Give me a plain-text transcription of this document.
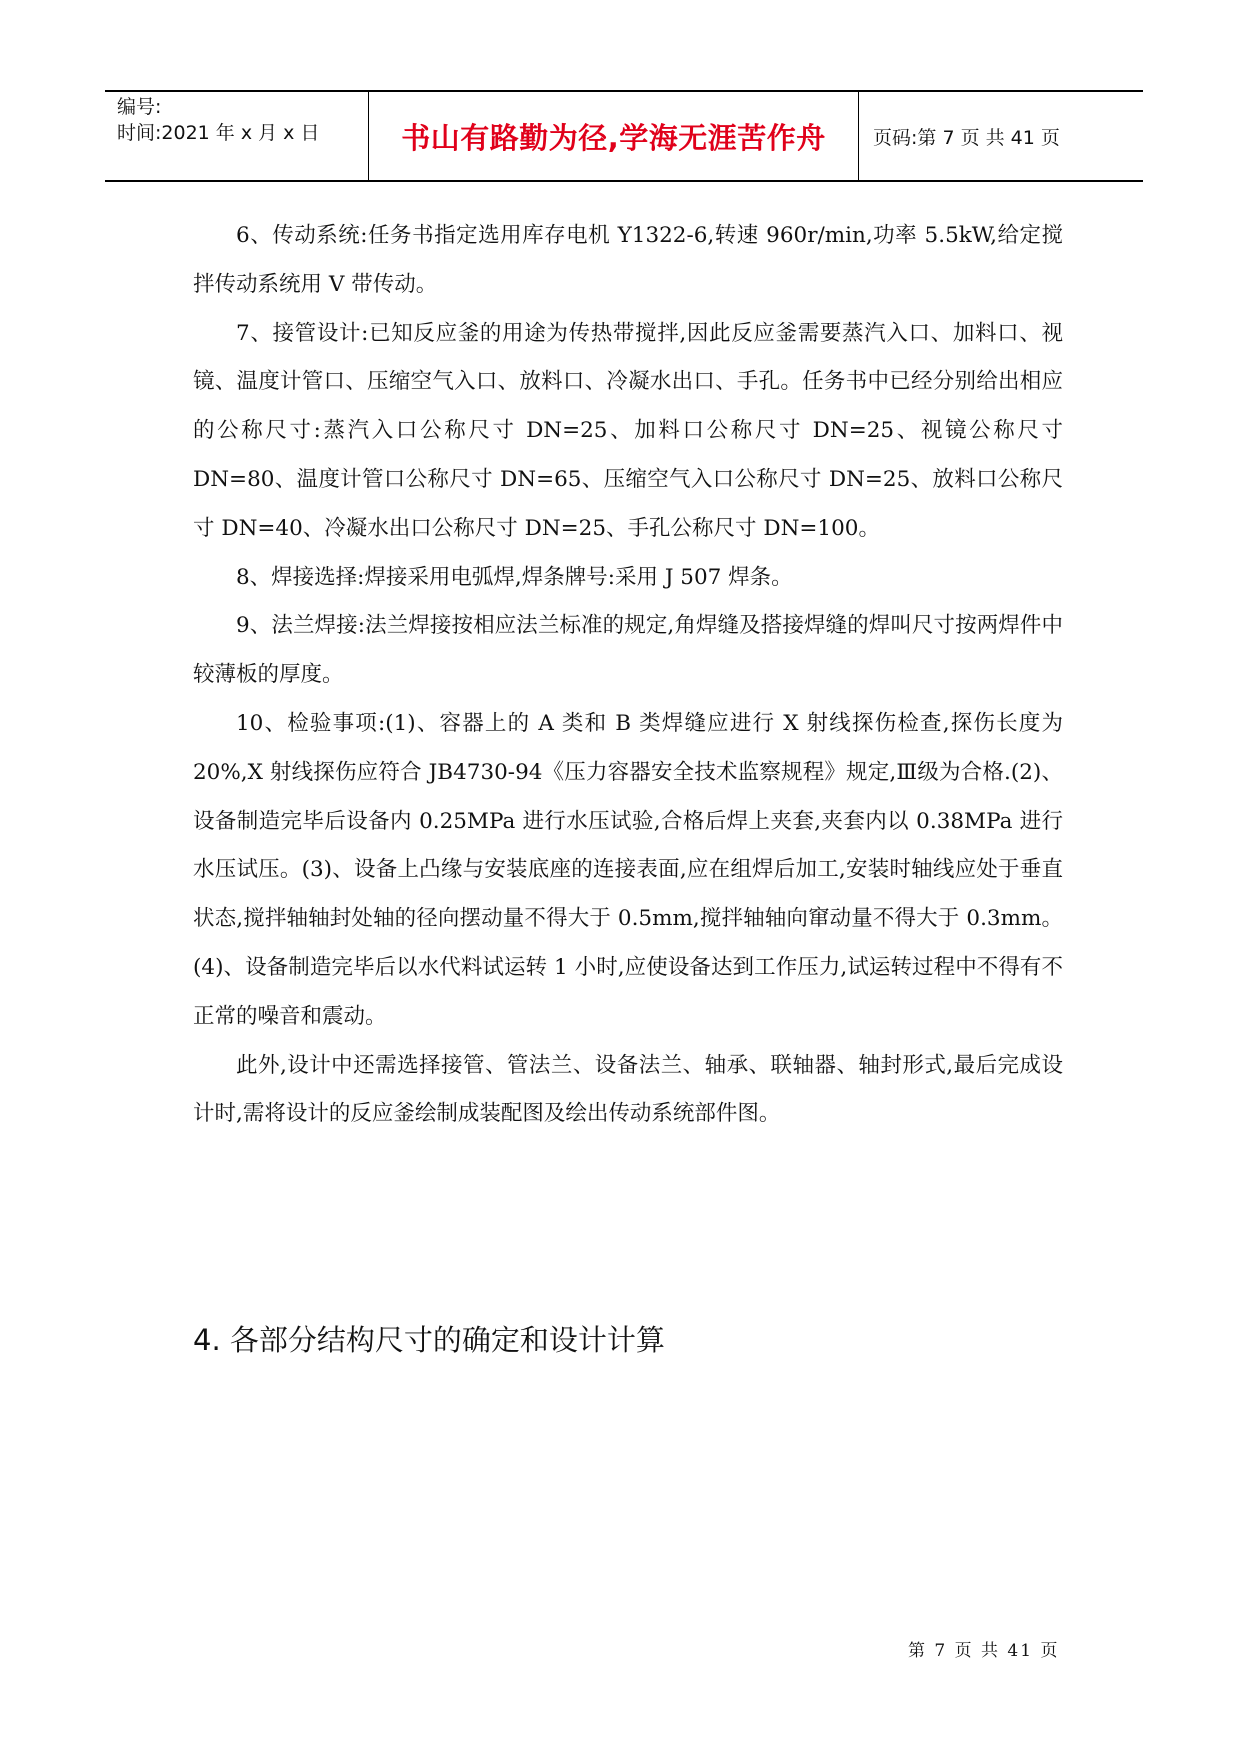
编号:
时间:2021 年 x 月 x 日	书山有路勤为径,学海无涯苦作舟	页码:第 7 页 共 41 页

6、传动系统:任务书指定选用库存电机 Y1322-6,转速 960r/min,功率 5.5kW,给定搅拌传动系统用 V 带传动。

7、接管设计:已知反应釜的用途为传热带搅拌,因此反应釜需要蒸汽入口、加料口、视镜、温度计管口、压缩空气入口、放料口、冷凝水出口、手孔。任务书中已经分别给出相应的公称尺寸:蒸汽入口公称尺寸 DN=25、加料口公称尺寸 DN=25、视镜公称尺寸 DN=80、温度计管口公称尺寸 DN=65、压缩空气入口公称尺寸 DN=25、放料口公称尺寸 DN=40、冷凝水出口公称尺寸 DN=25、手孔公称尺寸 DN=100。

8、焊接选择:焊接采用电弧焊,焊条牌号:采用 J 507 焊条。

9、法兰焊接:法兰焊接按相应法兰标准的规定,角焊缝及搭接焊缝的焊叫尺寸按两焊件中较薄板的厚度。

10、检验事项:(1)、容器上的 A 类和 B 类焊缝应进行 X 射线探伤检查,探伤长度为 20%,X 射线探伤应符合 JB4730-94《压力容器安全技术监察规程》规定,Ⅲ级为合格.(2)、设备制造完毕后设备内 0.25MPa 进行水压试验,合格后焊上夹套,夹套内以 0.38MPa 进行水压试压。(3)、设备上凸缘与安装底座的连接表面,应在组焊后加工,安装时轴线应处于垂直状态,搅拌轴轴封处轴的径向摆动量不得大于 0.5mm,搅拌轴轴向窜动量不得大于 0.3mm。(4)、设备制造完毕后以水代料试运转 1 小时,应使设备达到工作压力,试运转过程中不得有不正常的噪音和震动。

此外,设计中还需选择接管、管法兰、设备法兰、轴承、联轴器、轴封形式,最后完成设计时,需将设计的反应釜绘制成装配图及绘出传动系统部件图。

4. 各部分结构尺寸的确定和设计计算
第 7 页 共 41 页
